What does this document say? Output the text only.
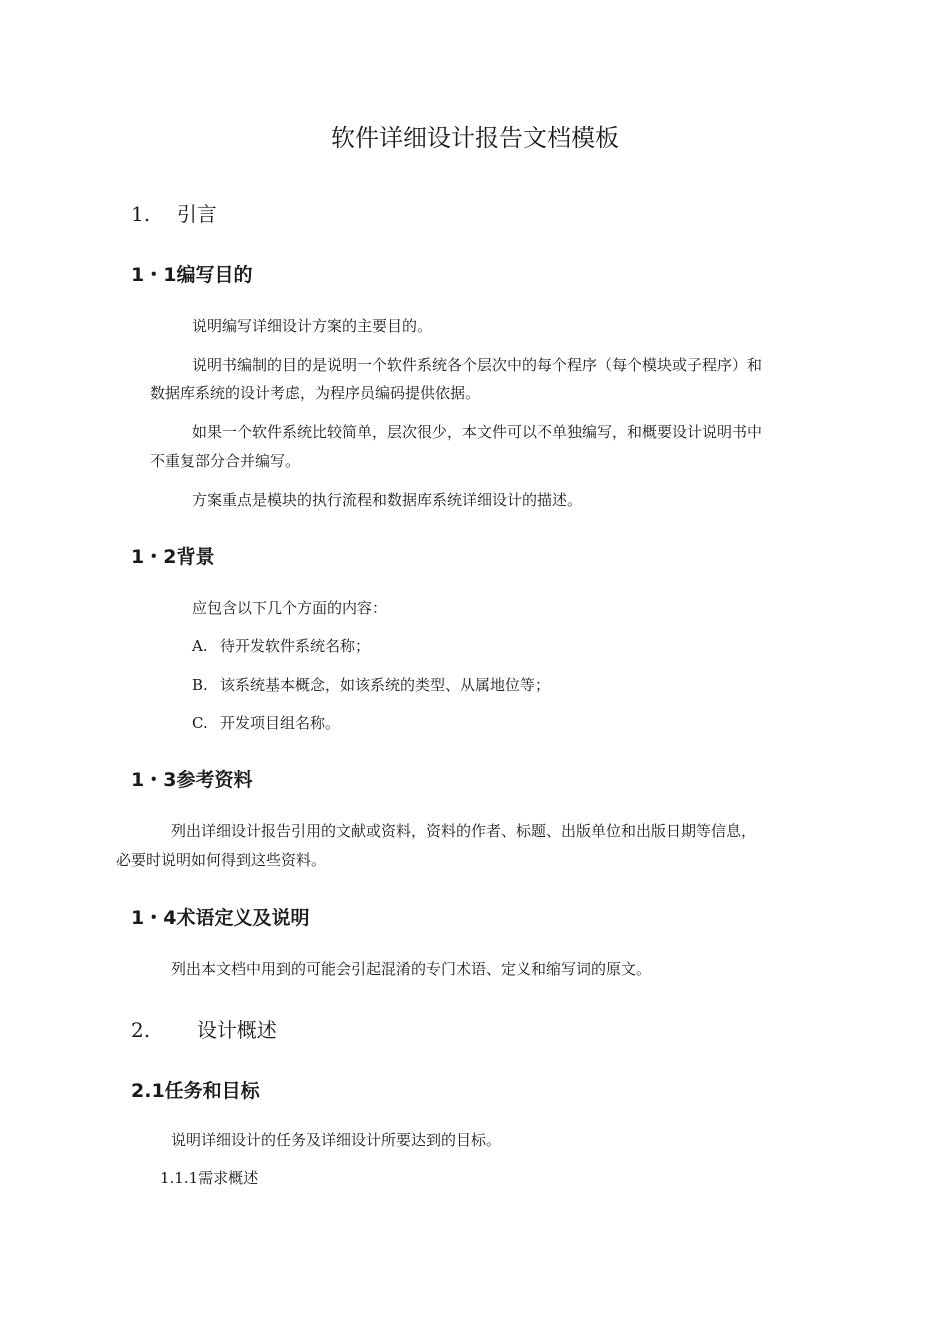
软件详细设计报告文档模板
1. 引言
1・1编写目的
说明编写详细设计方案的主要目的。
说明书编制的目的是说明一个软件系统各个层次中的每个程序（每个模块或子程序）和
数据库系统的设计考虑，为程序员编码提供依据。
如果一个软件系统比较简单，层次很少，本文件可以不单独编写，和概要设计说明书中
不重复部分合并编写。
方案重点是模块的执行流程和数据库系统详细设计的描述。
1・2背景
应包含以下几个方面的内容：
A. 待开发软件系统名称；
B. 该系统基本概念，如该系统的类型、从属地位等；
C. 开发项目组名称。
1・3参考资料
列出详细设计报告引用的文献或资料，资料的作者、标题、出版单位和出版日期等信息，
必要时说明如何得到这些资料。
1・4术语定义及说明
列出本文档中用到的可能会引起混淆的专门术语、定义和缩写词的原文。
2. 设计概述
2.1任务和目标
说明详细设计的任务及详细设计所要达到的目标。
1.1.1需求概述
